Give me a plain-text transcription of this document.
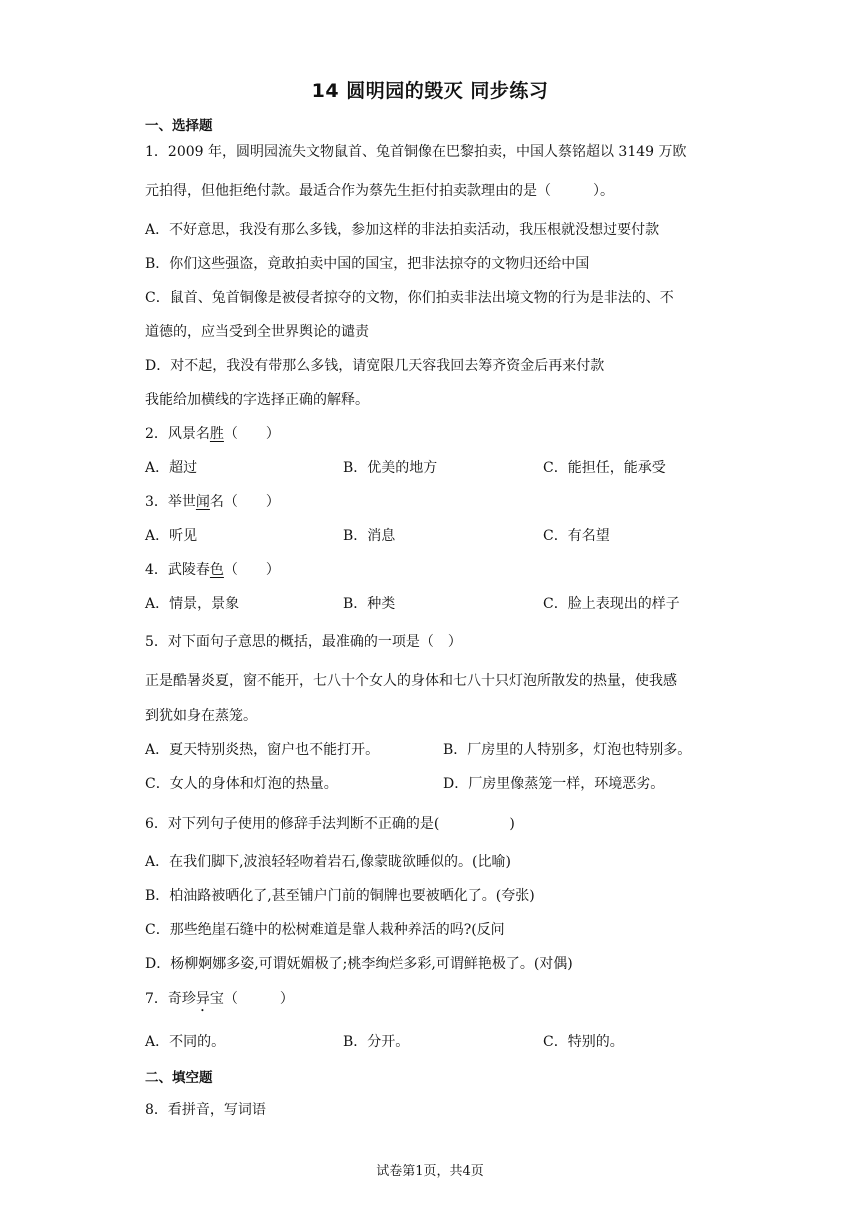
14 圆明园的毁灭 同步练习
一、选择题
1．2009 年，圆明园流失文物鼠首、兔首铜像在巴黎拍卖，中国人蔡铭超以 3149 万欧
元拍得，但他拒绝付款。最适合作为蔡先生拒付拍卖款理由的是（　　　）。
A．不好意思，我没有那么多钱，参加这样的非法拍卖活动，我压根就没想过要付款
B．你们这些强盗，竟敢拍卖中国的国宝，把非法掠夺的文物归还给中国
C．鼠首、兔首铜像是被侵者掠夺的文物，你们拍卖非法出境文物的行为是非法的、不
道德的，应当受到全世界舆论的谴责
D．对不起，我没有带那么多钱，请宽限几天容我回去筹齐资金后再来付款
我能给加横线的字选择正确的解释。
2．风景名胜（　　）
A．超过	B．优美的地方	C．能担任，能承受
3．举世闻名（　　）
A．听见	B．消息	C．有名望
4．武陵春色（　　）
A．情景，景象	B．种类	C．脸上表现出的样子
5．对下面句子意思的概括，最准确的一项是（　）
正是酷暑炎夏，窗不能开，七八十个女人的身体和七八十只灯泡所散发的热量，使我感
到犹如身在蒸笼。
A．夏天特别炎热，窗户也不能打开。	B．厂房里的人特别多，灯泡也特别多。
C．女人的身体和灯泡的热量。	D．厂房里像蒸笼一样，环境恶劣。
6．对下列句子使用的修辞手法判断不正确的是(　　　　　)
A．在我们脚下,波浪轻轻吻着岩石,像蒙眬欲睡似的。(比喻)
B．柏油路被晒化了,甚至铺户门前的铜牌也要被晒化了。(夸张)
C．那些绝崖石缝中的松树难道是靠人栽种养活的吗?(反问
D．杨柳婀娜多姿,可谓妩媚极了;桃李绚烂多彩,可谓鲜艳极了。(对偶)
7．奇珍异宝（　　　）
A．不同的。	B．分开。	C．特别的。
二、填空题
8．看拼音，写词语
试卷第1页，共4页
